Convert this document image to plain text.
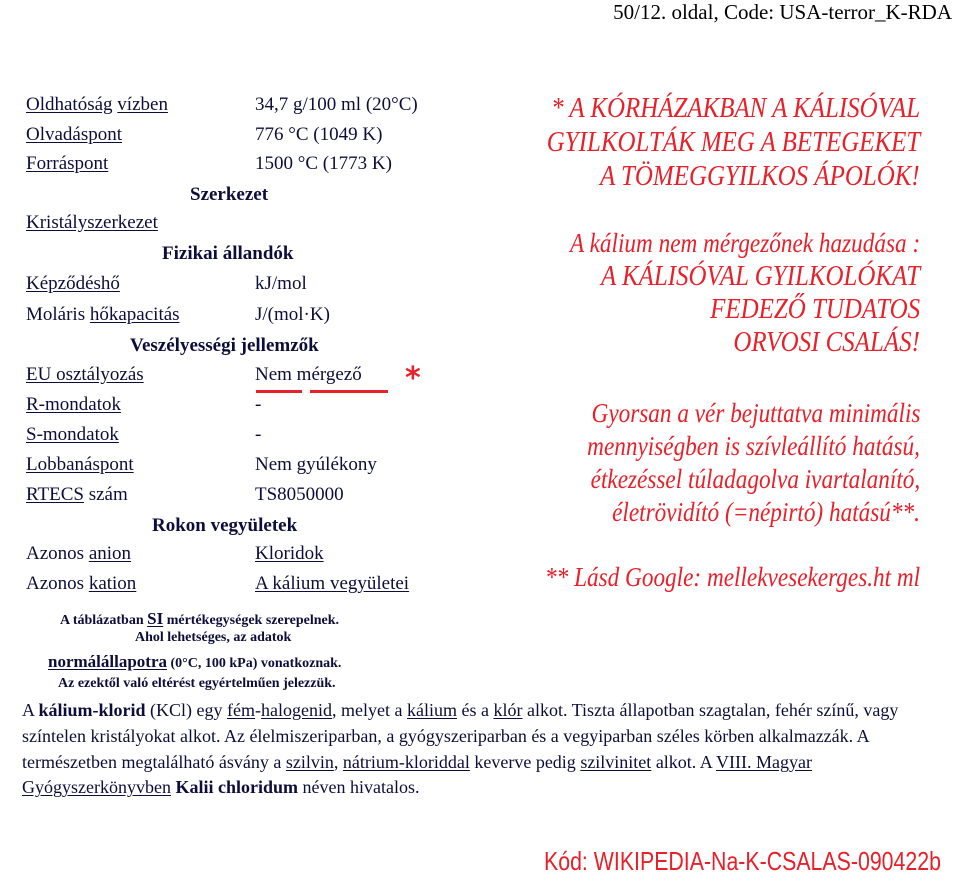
50/12. oldal, Code: USA-terror_K-RDA
Oldhatóság vízben	34,7 g/100 ml (20°C)
Olvadáspont	776 °C (1049 K)
Forráspont	1500 °C (1773 K)
Szerkezet
Kristályszerkezet
Fizikai állandók
Képződéshő	kJ/mol
Moláris hőkapacitás	J/(mol·K)
Veszélyességi jellemzők
EU osztályozás	Nem mérgező *
R-mondatok	-
S-mondatok	-
Lobbanáspont	Nem gyúlékony
RTECS szám	TS8050000
Rokon vegyületek
Azonos anion	Kloridok
Azonos kation	A kálium vegyületei
A táblázatban SI mértékegységek szerepelnek.
Ahol lehetséges, az adatok
normálállapotra (0°C, 100 kPa) vonatkoznak.
Az ezektől való eltérést egyértelműen jelezzük.
A kálium-klorid (KCl) egy fém-halogenid, melyet a kálium és a klór alkot. Tiszta állapotban szagtalan, fehér színű, vagy színtelen kristályokat alkot. Az élelmiszeriparban, a gyógyszeriparban és a vegyiparban széles körben alkalmazzák. A természetben megtalálható ásvány a szilvin, nátrium-kloriddal keverve pedig szilvinitet alkot. A VIII. Magyar Gyógyszerkönyvben Kalii chloridum néven hivatalos.
* A KÓRHÁZAKBAN A KÁLISÓVAL
GYILKOLTÁK MEG A BETEGEKET
A TÖMEGGYILKOS ÁPOLÓK!
A kálium nem mérgezőnek hazudása :
A KÁLISÓVAL GYILKOLÓKAT
FEDEZŐ TUDATOS
ORVOSI CSALÁS!
Gyorsan a vér bejuttatva minimális
mennyiségben is szívleállító hatású,
étkezéssel túladagolva ivartalanító,
életrövidító (=népirtó) hatású**.
** Lásd Google: mellekvesekerges.ht ml
Kód: WIKIPEDIA-Na-K-CSALAS-090422b
